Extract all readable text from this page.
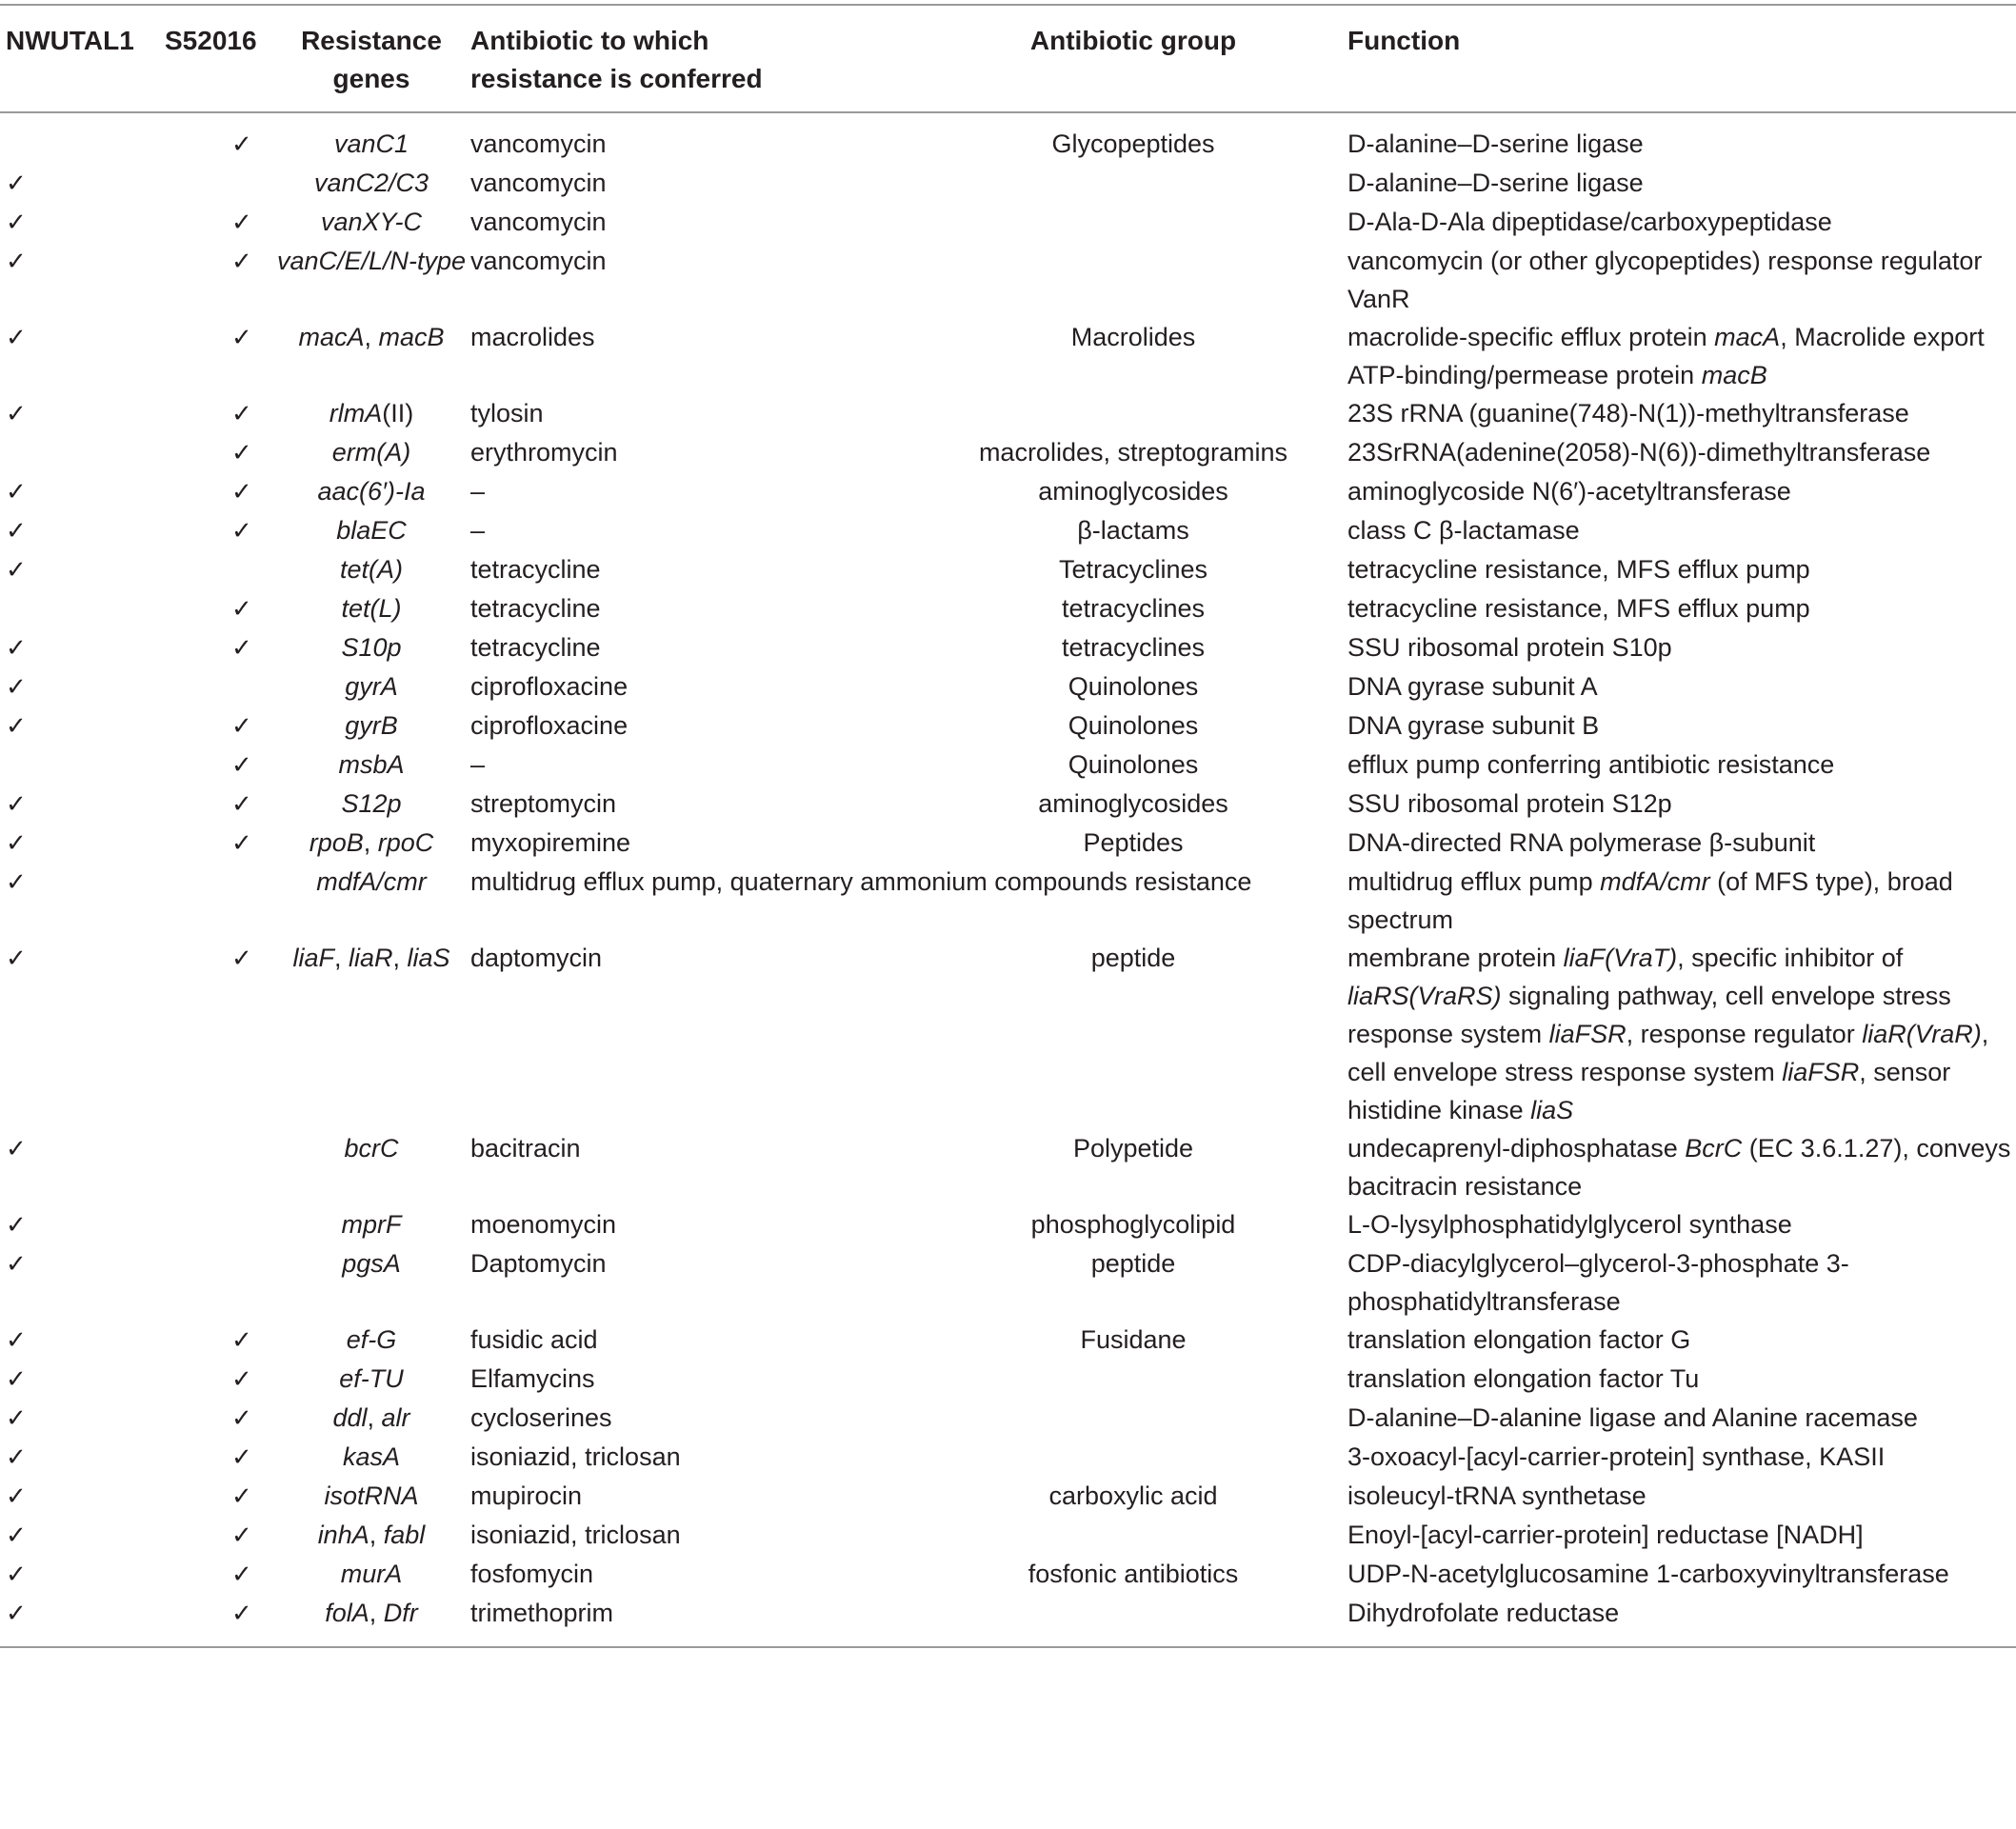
NWUTAL1	S52016	Resistance genes	Antibiotic to which resistance is conferred	Antibiotic group	Function
	✓	vanC1	vancomycin	Glycopeptides	D-alanine–D-serine ligase
✓		vanC2/C3	vancomycin		D-alanine–D-serine ligase
✓	✓	vanXY-C	vancomycin		D-Ala-D-Ala dipeptidase/carboxypeptidase
✓	✓	vanC/E/L/N-type	vancomycin		vancomycin (or other glycopeptides) response regulator VanR
✓	✓	macA, macB	macrolides	Macrolides	macrolide-specific efflux protein macA, Macrolide export ATP-binding/permease protein macB
✓	✓	rlmA(II)	tylosin		23S rRNA (guanine(748)-N(1))-methyltransferase
	✓	erm(A)	erythromycin	macrolides, streptogramins	23SrRNA(adenine(2058)-N(6))-dimethyltransferase
✓	✓	aac(6′)-Ia	–	aminoglycosides	aminoglycoside N(6′)-acetyltransferase
✓	✓	blaEC	–	β-lactams	class C β-lactamase
✓		tet(A)	tetracycline	Tetracyclines	tetracycline resistance, MFS efflux pump
	✓	tet(L)	tetracycline	tetracyclines	tetracycline resistance, MFS efflux pump
✓	✓	S10p	tetracycline	tetracyclines	SSU ribosomal protein S10p
✓		gyrA	ciprofloxacine	Quinolones	DNA gyrase subunit A
✓	✓	gyrB	ciprofloxacine	Quinolones	DNA gyrase subunit B
	✓	msbA	–	Quinolones	efflux pump conferring antibiotic resistance
✓	✓	S12p	streptomycin	aminoglycosides	SSU ribosomal protein S12p
✓	✓	rpoB, rpoC	myxopiremine	Peptides	DNA-directed RNA polymerase β-subunit
✓		mdfA/cmr	multidrug efflux pump, quaternary ammonium compounds resistance		multidrug efflux pump mdfA/cmr (of MFS type), broad spectrum
✓	✓	liaF, liaR, liaS	daptomycin	peptide	membrane protein liaF(VraT), specific inhibitor of liaRS(VraRS) signaling pathway, cell envelope stress response system liaFSR, response regulator liaR(VraR), cell envelope stress response system liaFSR, sensor histidine kinase liaS
✓		bcrC	bacitracin	Polypetide	undecaprenyl-diphosphatase BcrC (EC 3.6.1.27), conveys bacitracin resistance
✓		mprF	moenomycin	phosphoglycolipid	L-O-lysylphosphatidylglycerol synthase
✓		pgsA	Daptomycin	peptide	CDP-diacylglycerol–glycerol-3-phosphate 3-phosphatidyltransferase
✓	✓	ef-G	fusidic acid	Fusidane	translation elongation factor G
✓	✓	ef-TU	Elfamycins		translation elongation factor Tu
✓	✓	ddl, alr	cycloserines		D-alanine–D-alanine ligase and Alanine racemase
✓	✓	kasA	isoniazid, triclosan		3-oxoacyl-[acyl-carrier-protein] synthase, KASII
✓	✓	isotRNA	mupirocin	carboxylic acid	isoleucyl-tRNA synthetase
✓	✓	inhA, fabl	isoniazid, triclosan		Enoyl-[acyl-carrier-protein] reductase [NADH]
✓	✓	murA	fosfomycin	fosfonic antibiotics	UDP-N-acetylglucosamine 1-carboxyvinyltransferase
✓	✓	folA, Dfr	trimethoprim		Dihydrofolate reductase
